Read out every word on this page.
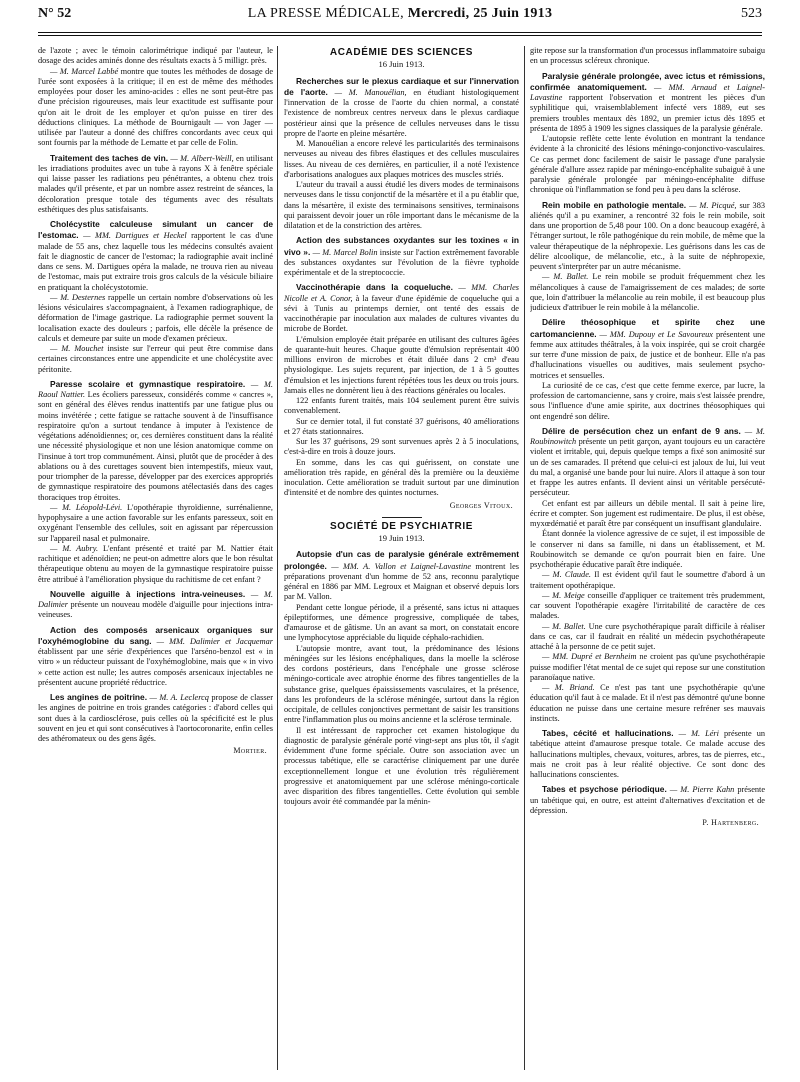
N° 52	LA PRESSE MÉDICALE, Mercredi, 25 Juin 1913	523

de l'azote ; avec le témoin calorimétrique indiqué par l'auteur, le dosage des acides aminés donne des résultats exacts à 5 milligr. près.

— M. Marcel Labbé montre que toutes les méthodes de dosage de l'urée sont exposées à la critique; il en est de même des méthodes employées pour doser les amino-acides : elles ne sont peut-être pas d'une précision rigoureuses, mais leur exactitude est suffisante pour qu'on ait le droit de les employer et qu'on puisse en tirer des déductions cliniques. La méthode de Bournigault — von Jager — utilisée par l'auteur a donné des chiffres concordants avec ceux qui sont fournis par la méthode de Lematte et par celle de Folin.

Traitement des taches de vin. — M. Albert-Weill, en utilisant les irradiations produites avec un tube à rayons X à fenêtre spéciale qui laisse passer les radiations peu pénétrantes, a obtenu chez trois malades qu'il présente, et par un nombre assez restreint de séances, la décoloration presque totale des téguments avec des résultats esthétiques des plus satisfaisants.

Cholécystite calculeuse simulant un cancer de l'estomac. — MM. Dartigues et Heckel rapportent le cas d'une malade de 55 ans, chez laquelle tous les médecins consultés avaient fait le diagnostic de cancer de l'estomac; la radiographie avait incliné dans ce sens. M. Dartigues opéra la malade, ne trouva rien au niveau de l'estomac, mais put extraire trois gros calculs de la vésicule biliaire en pratiquant la cholécystotomie.

— M. Desternes rappelle un certain nombre d'observations où les lésions vésiculaires s'accompagnaient, à l'examen radiographique, de déformation de l'image gastrique. La radiographie permet souvent la localisation exacte des douleurs ; parfois, elle décèle la présence de calculs et demeure par suite un mode d'examen précieux.

— M. Mouchet insiste sur l'erreur qui peut être commise dans certaines circonstances entre une appendicite et une cholécystite avec péritonite.

Paresse scolaire et gymnastique respiratoire. — M. Raoul Nattier. Les écoliers paresseux, considérés comme « cancres », sont en général des élèves rendus inattentifs par une fatigue plus ou moins invétérée ; cette fatigue se rattache souvent à de l'insuffisance respiratoire qu'on a surtout tendance à imputer à l'existence de végétations adénoïdiennes; or, ces dernières constituent dans la réalité une nécessité physiologique et non une lésion anatomique comme on l'insinue à tort trop communément. Ainsi, plutôt que de procéder à des ablations ou à des curettages souvent bien intempestifs, mieux vaut, pour triompher de la paresse, développer par des exercices appropriés de gymnastique respiratoire des poumons atélectasiés dans des cages thoraciques trop étroites.

— M. Léopold-Lévi. L'opothérapie thyroïdienne, surrénalienne, hypophysaire a une action favorable sur les enfants paresseux, soit en oxygénant l'ensemble des cellules, soit en agissant par répercussion sur l'appareil nasal et pulmonaire.

— M. Aubry. L'enfant présenté et traité par M. Nattier était rachitique et adénoïdien; ne peut-on admettre alors que le bon résultat thérapeutique obtenu au moyen de la gymnastique respiratoire puisse être attribué à l'amélioration physique du rachitisme de cet enfant ?

Nouvelle aiguille à injections intra-veineuses. — M. Dalimier présente un nouveau modèle d'aiguille pour injections intra-veineuses.

Action des composés arsenicaux organiques sur l'oxyhémoglobine du sang. — MM. Dalimier et Jacquemar établissent par une série d'expériences que l'arséno-benzol est « in vitro » un réducteur puissant de l'oxyhémoglobine, mais que « in vivo » cette action est nulle; les autres composés arsenicaux injectables ne présentent aucune propriété réductrice.

Les angines de poitrine. — M. A. Leclercq propose de classer les angines de poitrine en trois grandes catégories : d'abord celles qui sont dues à la cardiosclérose, puis celles où la spécificité est le plus souvent en jeu et qui sont consécutives à l'aortocoronarite, enfin celles des athéromateux ou des gens âgés.

Mortier.
ACADÉMIE DES SCIENCES
16 Juin 1913.

Recherches sur le plexus cardiaque et sur l'innervation de l'aorte. — M. Manouélian, en étudiant histologiquement l'innervation de la crosse de l'aorte du chien normal, a constaté l'existence de nombreux centres nerveux dans le plexus cardiaque postérieur ainsi que la présence de cellules nerveuses dans le tissu propre de l'aorte en pleine mésartère.

M. Manouélian a encore relevé les particularités des terminaisons nerveuses au niveau des fibres élastiques et des cellules musculaires lisses. Au niveau de ces dernières, en particulier, il a noté l'existence d'arborisations analogues aux plaques motrices des muscles striés.

L'auteur du travail a aussi étudié les divers modes de terminaisons nerveuses dans le tissu conjonctif de la mésartère et il a pu établir que, dans la mésartère, il existe des terminaisons sensitives, terminaisons qui paraissent devoir jouer un rôle important dans le mécanisme de la dilatation et de la constriction des artères.

Action des substances oxydantes sur les toxines « in vivo ». — M. Marcel Bolin insiste sur l'action extrêmement favorable des substances oxydantes sur l'évolution de la fièvre typhoïde expérimentale et de la streptococcie.

Vaccinothérapie dans la coqueluche. — MM. Charles Nicolle et A. Conor, à la faveur d'une épidémie de coqueluche qui a sévi à Tunis au printemps dernier, ont tenté des essais de vaccinothérapie par inoculation aux malades de cultures vivantes du microbe de Bordet.

L'émulsion employée était préparée en utilisant des cultures âgées de quarante-huit heures. Chaque goutte d'émulsion représentait 400 millions environ de microbes et était diluée dans 2 cm³ d'eau physiologique. Les sujets reçurent, par injection, de 1 à 5 gouttes d'émulsion et les injections furent répétées tous les deux ou trois jours. Jamais elles ne donnèrent lieu à des réactions générales ou locales.

122 enfants furent traités, mais 104 seulement purent être suivis convenablement.

Sur ce dernier total, il fut constaté 37 guérisons, 40 améliorations et 27 états stationnaires.

Sur les 37 guérisons, 29 sont survenues après 2 à 5 inoculations, c'est-à-dire en trois à douze jours.

En somme, dans les cas qui guérissent, on constate une amélioration très rapide, en général dès la première ou la deuxième inoculation. Cette amélioration se traduit surtout par une diminution d'intensité et de nombre des quintes nocturnes.

Georges Vitoux.
SOCIÉTÉ DE PSYCHIATRIE
19 Juin 1913.

Autopsie d'un cas de paralysie générale extrêmement prolongée. — MM. A. Vallon et Laignel-Lavastine montrent les préparations provenant d'un homme de 52 ans, reconnu paralytique général en 1886 par MM. Legroux et Maignan et observé depuis lors par M. Vallon.

Pendant cette longue période, il a présenté, sans ictus ni attaques épileptiformes, une démence progressive, compliquée de tabes, d'amaurose et de gâtisme. Un an avant sa mort, on constatait encore une lymphocytose appréciable du liquide céphalo-rachidien.

L'autopsie montre, avant tout, la prédominance des lésions méningées sur les lésions encéphaliques, dans la moelle la sclérose des cordons postérieurs, dans l'encéphale une grosse sclérose méningo-corticale avec atrophie énorme des fibres tangentielles de la substance grise, quelques épaississements vasculaires, et la présence, dans les profondeurs de la sclérose méningée, surtout dans la région occipitale, de cellules conjonctives permettant de saisir les transitions entre l'inflammation plus ou moins ancienne et la sclérose terminale.

Il est intéressant de rapprocher cet examen histologique du diagnostic de paralysie générale porté vingt-sept ans plus tôt, il s'agit évidemment d'une forme spéciale. Outre son association avec un processus tabétique, elle se caractérise cliniquement par une durée exceptionnellement longue et une évolution très régulièrement progressive et anatomiquement par une sclérose méningo-corticale avec disparition des fibres tangentielles. Cette évolution qui semble toujours avoir été commandée par la ménin-

gite repose sur la transformation d'un processus inflammatoire subaigu en un processus scléreux chronique.

Paralysie générale prolongée, avec ictus et rémissions, confirmée anatomiquement. — MM. Arnaud et Laignel-Lavastine rapportent l'observation et montrent les pièces d'un syphilitique qui, vraisemblablement infecté vers 1889, eut ses premiers troubles mentaux dès 1892, un premier ictus dès 1895 et présenta de 1895 à 1909 les signes classiques de la paralysie générale.

L'autopsie reflète cette lente évolution en montrant la tendance évidente à la chronicité des lésions méningo-conjonctivo-vasculaires. Ce cas permet donc facilement de saisir le passage d'une paralysie générale d'allure assez rapide par méningo-encéphalite subaiguë à une paralysie générale prolongée par méningo-encéphalite diffuse chronique où l'inflammation se fond peu à peu dans la sclérose.

Rein mobile en pathologie mentale. — M. Picqué, sur 383 aliénés qu'il a pu examiner, a rencontré 32 fois le rein mobile, soit dans une proportion de 5,48 pour 100. On a donc beaucoup exagéré, à l'étranger surtout, le rôle pathogénique du rein mobile, de même que la valeur thérapeutique de la néphropexie. Les guérisons dans les cas de délire alcoolique, de mélancolie, etc., à la suite de néphropexie, peuvent s'interpréter par un autre mécanisme.

— M. Ballet. Le rein mobile se produit fréquemment chez les mélancoliques à cause de l'amaigrissement de ces malades; de sorte que, loin d'attribuer la mélancolie au rein mobile, il est beaucoup plus judicieux d'attribuer le rein mobile à la mélancolie.

Délire théosophique et spirite chez une cartomancienne. — MM. Dupouy et Le Savoureux présentent une femme aux attitudes théâtrales, à la voix inspirée, qui se croit chargée sur terre d'une mission de paix, de justice et de bonheur. Elle n'a pas d'hallucinations visuelles ou auditives, mais seulement psycho-motrices et sensuelles.

La curiosité de ce cas, c'est que cette femme exerce, par lucre, la profession de cartomancienne, sans y croire, mais s'est laissée prendre, sous l'influence d'une amie spirite, aux doctrines théosophiques qui ont engendré son délire.

Délire de persécution chez un enfant de 9 ans. — M. Roubinowitch présente un petit garçon, ayant toujours eu un caractère violent et irritable, qui, depuis quelque temps a fixé son animosité sur un de ses camarades. Il prétend que celui-ci est jaloux de lui, lui veut du mal, a organisé une bande pour lui nuire. Alors il attaque à son tour et frappe les autres enfants. Il devient ainsi un véritable persécuté-persécuteur.

Cet enfant est par ailleurs un débile mental. Il sait à peine lire, écrire et compter. Son jugement est rudimentaire. De plus, il est obèse, myxœdématié et paraît être par conséquent un insuffisant glandulaire.

Étant donnée la violence agressive de ce sujet, il est impossible de le conserver ni dans sa famille, ni dans un établissement, et M. Roubinowitch se demande ce qu'on pourrait bien en faire. Une psychothérapie éducative paraît être indiquée.

— M. Claude. Il est évident qu'il faut le soumettre d'abord à un traitement opothérapique.

— M. Meige conseille d'appliquer ce traitement très prudemment, car souvent l'opothérapie exagère l'irritabilité de caractère de ces malades.

— M. Ballet. Une cure psychothérapique paraît difficile à réaliser dans ce cas, car il faudrait en réalité un médecin psychothérapeute attaché à la personne de ce petit sujet.

— MM. Dupré et Bernheim ne croient pas qu'une psychothérapie puisse modifier l'état mental de ce sujet qui repose sur une constitution paranoïaque native.

— M. Briand. Ce n'est pas tant une psychothérapie qu'une éducation qu'il faut à ce malade. Et il n'est pas démontré qu'une bonne éducation ne puisse dans une certaine mesure refréner ses mauvais instincts.

Tabes, cécité et hallucinations. — M. Léri présente un tabétique atteint d'amaurose presque totale. Ce malade accuse des hallucinations multiples, chevaux, voitures, arbres, tas de pierres, etc., mais ne croit pas à leur réalité objective. Ce sont donc des hallucinations conscientes.

Tabes et psychose périodique. — M. Pierre Kahn présente un tabétique qui, en outre, est atteint d'alternatives d'excitation et de dépression.

P. Hartenberg.
